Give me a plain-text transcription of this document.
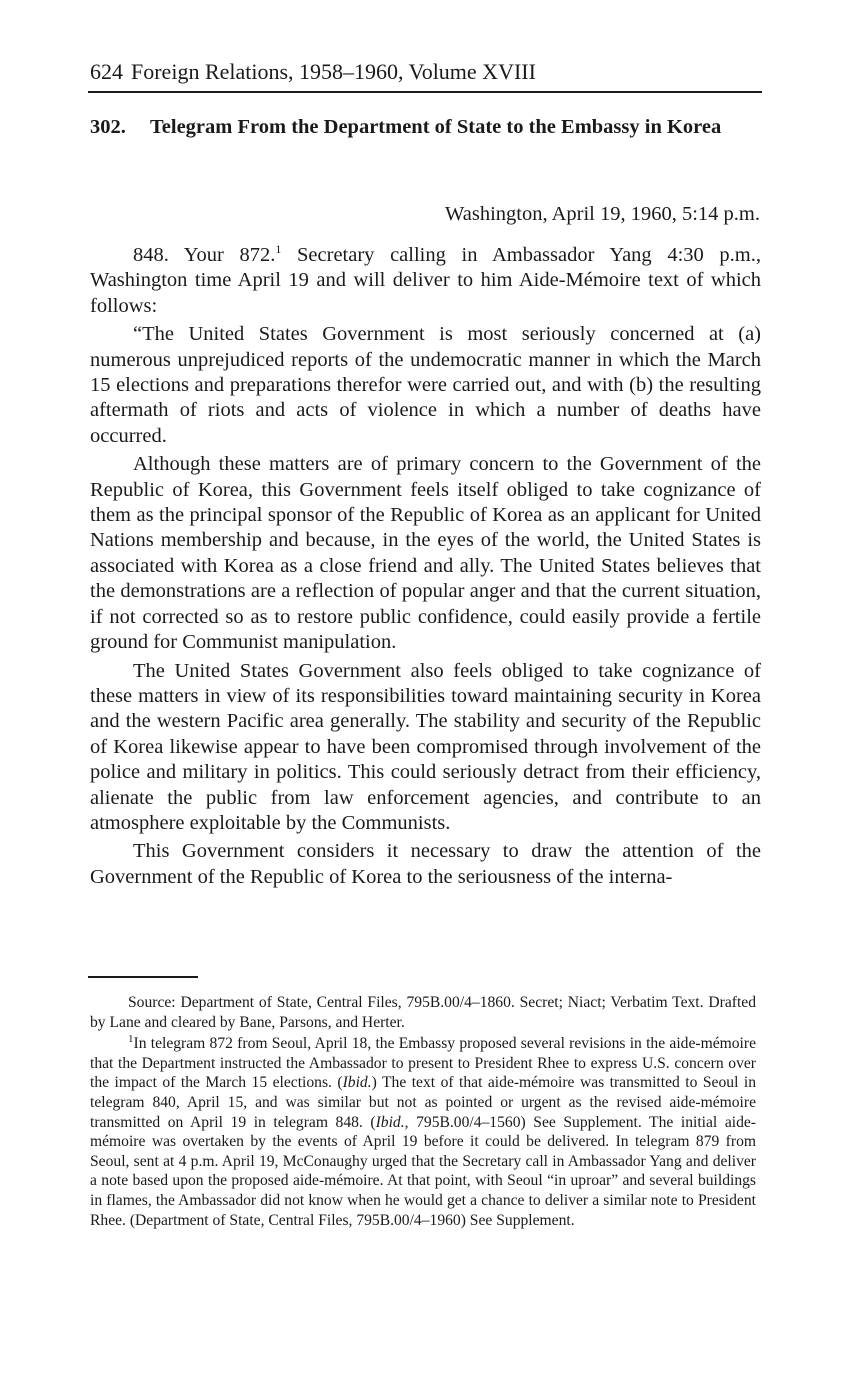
624 Foreign Relations, 1958–1960, Volume XVIII
302.	Telegram From the Department of State to the Embassy in Korea
Washington, April 19, 1960, 5:14 p.m.

848. Your 872.$^1$ Secretary calling in Ambassador Yang 4:30 p.m., Washington time April 19 and will deliver to him Aide-Mémoire text of which follows:

“The United States Government is most seriously concerned at (a) numerous unprejudiced reports of the undemocratic manner in which the March 15 elections and preparations therefor were carried out, and with (b) the resulting aftermath of riots and acts of violence in which a number of deaths have occurred.

Although these matters are of primary concern to the Government of the Republic of Korea, this Government feels itself obliged to take cognizance of them as the principal sponsor of the Republic of Korea as an applicant for United Nations membership and because, in the eyes of the world, the United States is associated with Korea as a close friend and ally. The United States believes that the demonstrations are a reflection of popular anger and that the current situation, if not corrected so as to restore public confidence, could easily provide a fertile ground for Communist manipulation.

The United States Government also feels obliged to take cognizance of these matters in view of its responsibilities toward maintaining security in Korea and the western Pacific area generally. The stability and security of the Republic of Korea likewise appear to have been compromised through involvement of the police and military in politics. This could seriously detract from their efficiency, alienate the public from law enforcement agencies, and contribute to an atmosphere exploitable by the Communists.

This Government considers it necessary to draw the attention of the Government of the Republic of Korea to the seriousness of the interna-

Source: Department of State, Central Files, 795B.00/4–1860. Secret; Niact; Verbatim Text. Drafted by Lane and cleared by Bane, Parsons, and Herter.

$^1$In telegram 872 from Seoul, April 18, the Embassy proposed several revisions in the aide-mémoire that the Department instructed the Ambassador to present to President Rhee to express U.S. concern over the impact of the March 15 elections. (Ibid.) The text of that aide-mémoire was transmitted to Seoul in telegram 840, April 15, and was similar but not as pointed or urgent as the revised aide-mémoire transmitted on April 19 in telegram 848. (Ibid., 795B.00/4–1560) See Supplement. The initial aide-mémoire was overtaken by the events of April 19 before it could be delivered. In telegram 879 from Seoul, sent at 4 p.m. April 19, McConaughy urged that the Secretary call in Ambassador Yang and deliver a note based upon the proposed aide-mémoire. At that point, with Seoul “in uproar” and several buildings in flames, the Ambassador did not know when he would get a chance to deliver a similar note to President Rhee. (Department of State, Central Files, 795B.00/4–1960) See Supplement.
